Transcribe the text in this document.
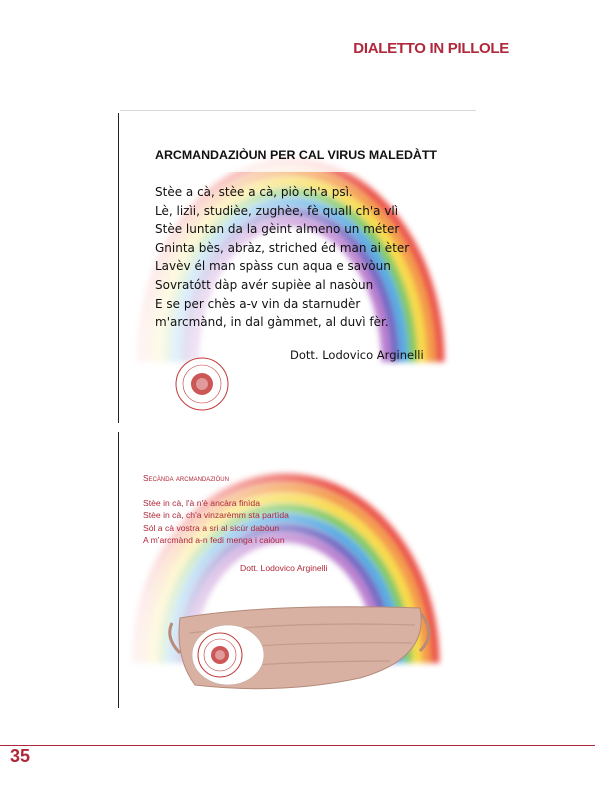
DIALETTO IN PILLOLE
ARCMANDAZIÒUN PER CAL VIRUS MALEDÀTT
Stèe a cà, stèe a cà, piò ch'a psì.
Lè, lizìi, studièe, zughèe, fè quall ch'a vlì
Stèe luntan da la gèint almeno un méter
Gninta bès, abràz, striched éd man ai èter
Lavèv él man spàss cun aqua e savòun
Sovratótt dàp avér supièe al nasòun
E se per chès a-v vin da starnudèr
m'arcmànd, in dal gàmmet, al duvì fèr.
Dott. Lodovico Arginelli
Secànda arcmandaziòun
Stèe in cà, l'à n'è ancàra finìda
Stèe in cà, ch'a vinzarèmm sta partìda
Sól a cà vostra a sri al sicùr dabòun
A m'arcmànd a-n fedi menga i caiòun
Dott. Lodovico Arginelli
35
